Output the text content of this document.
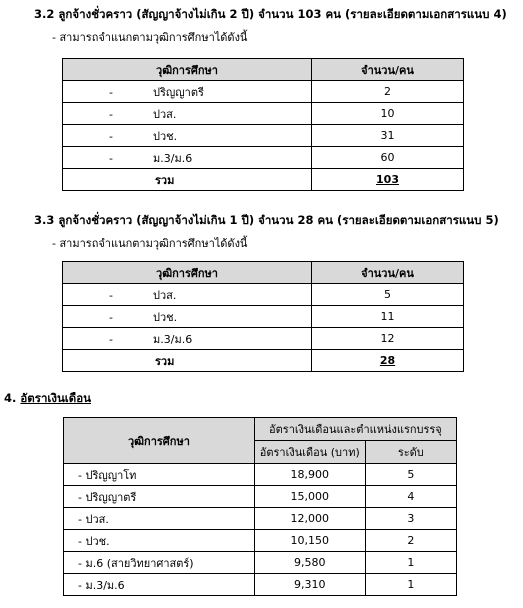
3.2 ลูกจ้างชั่วคราว (สัญญาจ้างไม่เกิน 2 ปี) จำนวน 103 คน (รายละเอียดตามเอกสารแนบ 4)
- สามารถจำแนกตามวุฒิการศึกษาได้ดังนี้
วุฒิการศึกษา	จำนวน/คน
- ปริญญาตรี	2
- ปวส.	10
- ปวช.	31
- ม.3/ม.6	60
รวม	103
3.3 ลูกจ้างชั่วคราว (สัญญาจ้างไม่เกิน 1 ปี) จำนวน 28 คน (รายละเอียดตามเอกสารแนบ 5)
- สามารถจำแนกตามวุฒิการศึกษาได้ดังนี้
วุฒิการศึกษา	จำนวน/คน
- ปวส.	5
- ปวช.	11
- ม.3/ม.6	12
รวม	28
4. อัตราเงินเดือน
วุฒิการศึกษา	อัตราเงินเดือนและตำแหน่งแรกบรรจุ	
	อัตราเงินเดือน (บาท)	ระดับ
- ปริญญาโท	18,900	5
- ปริญญาตรี	15,000	4
- ปวส.	12,000	3
- ปวช.	10,150	2
- ม.6 (สายวิทยาศาสตร์)	9,580	1
- ม.3/ม.6	9,310	1
